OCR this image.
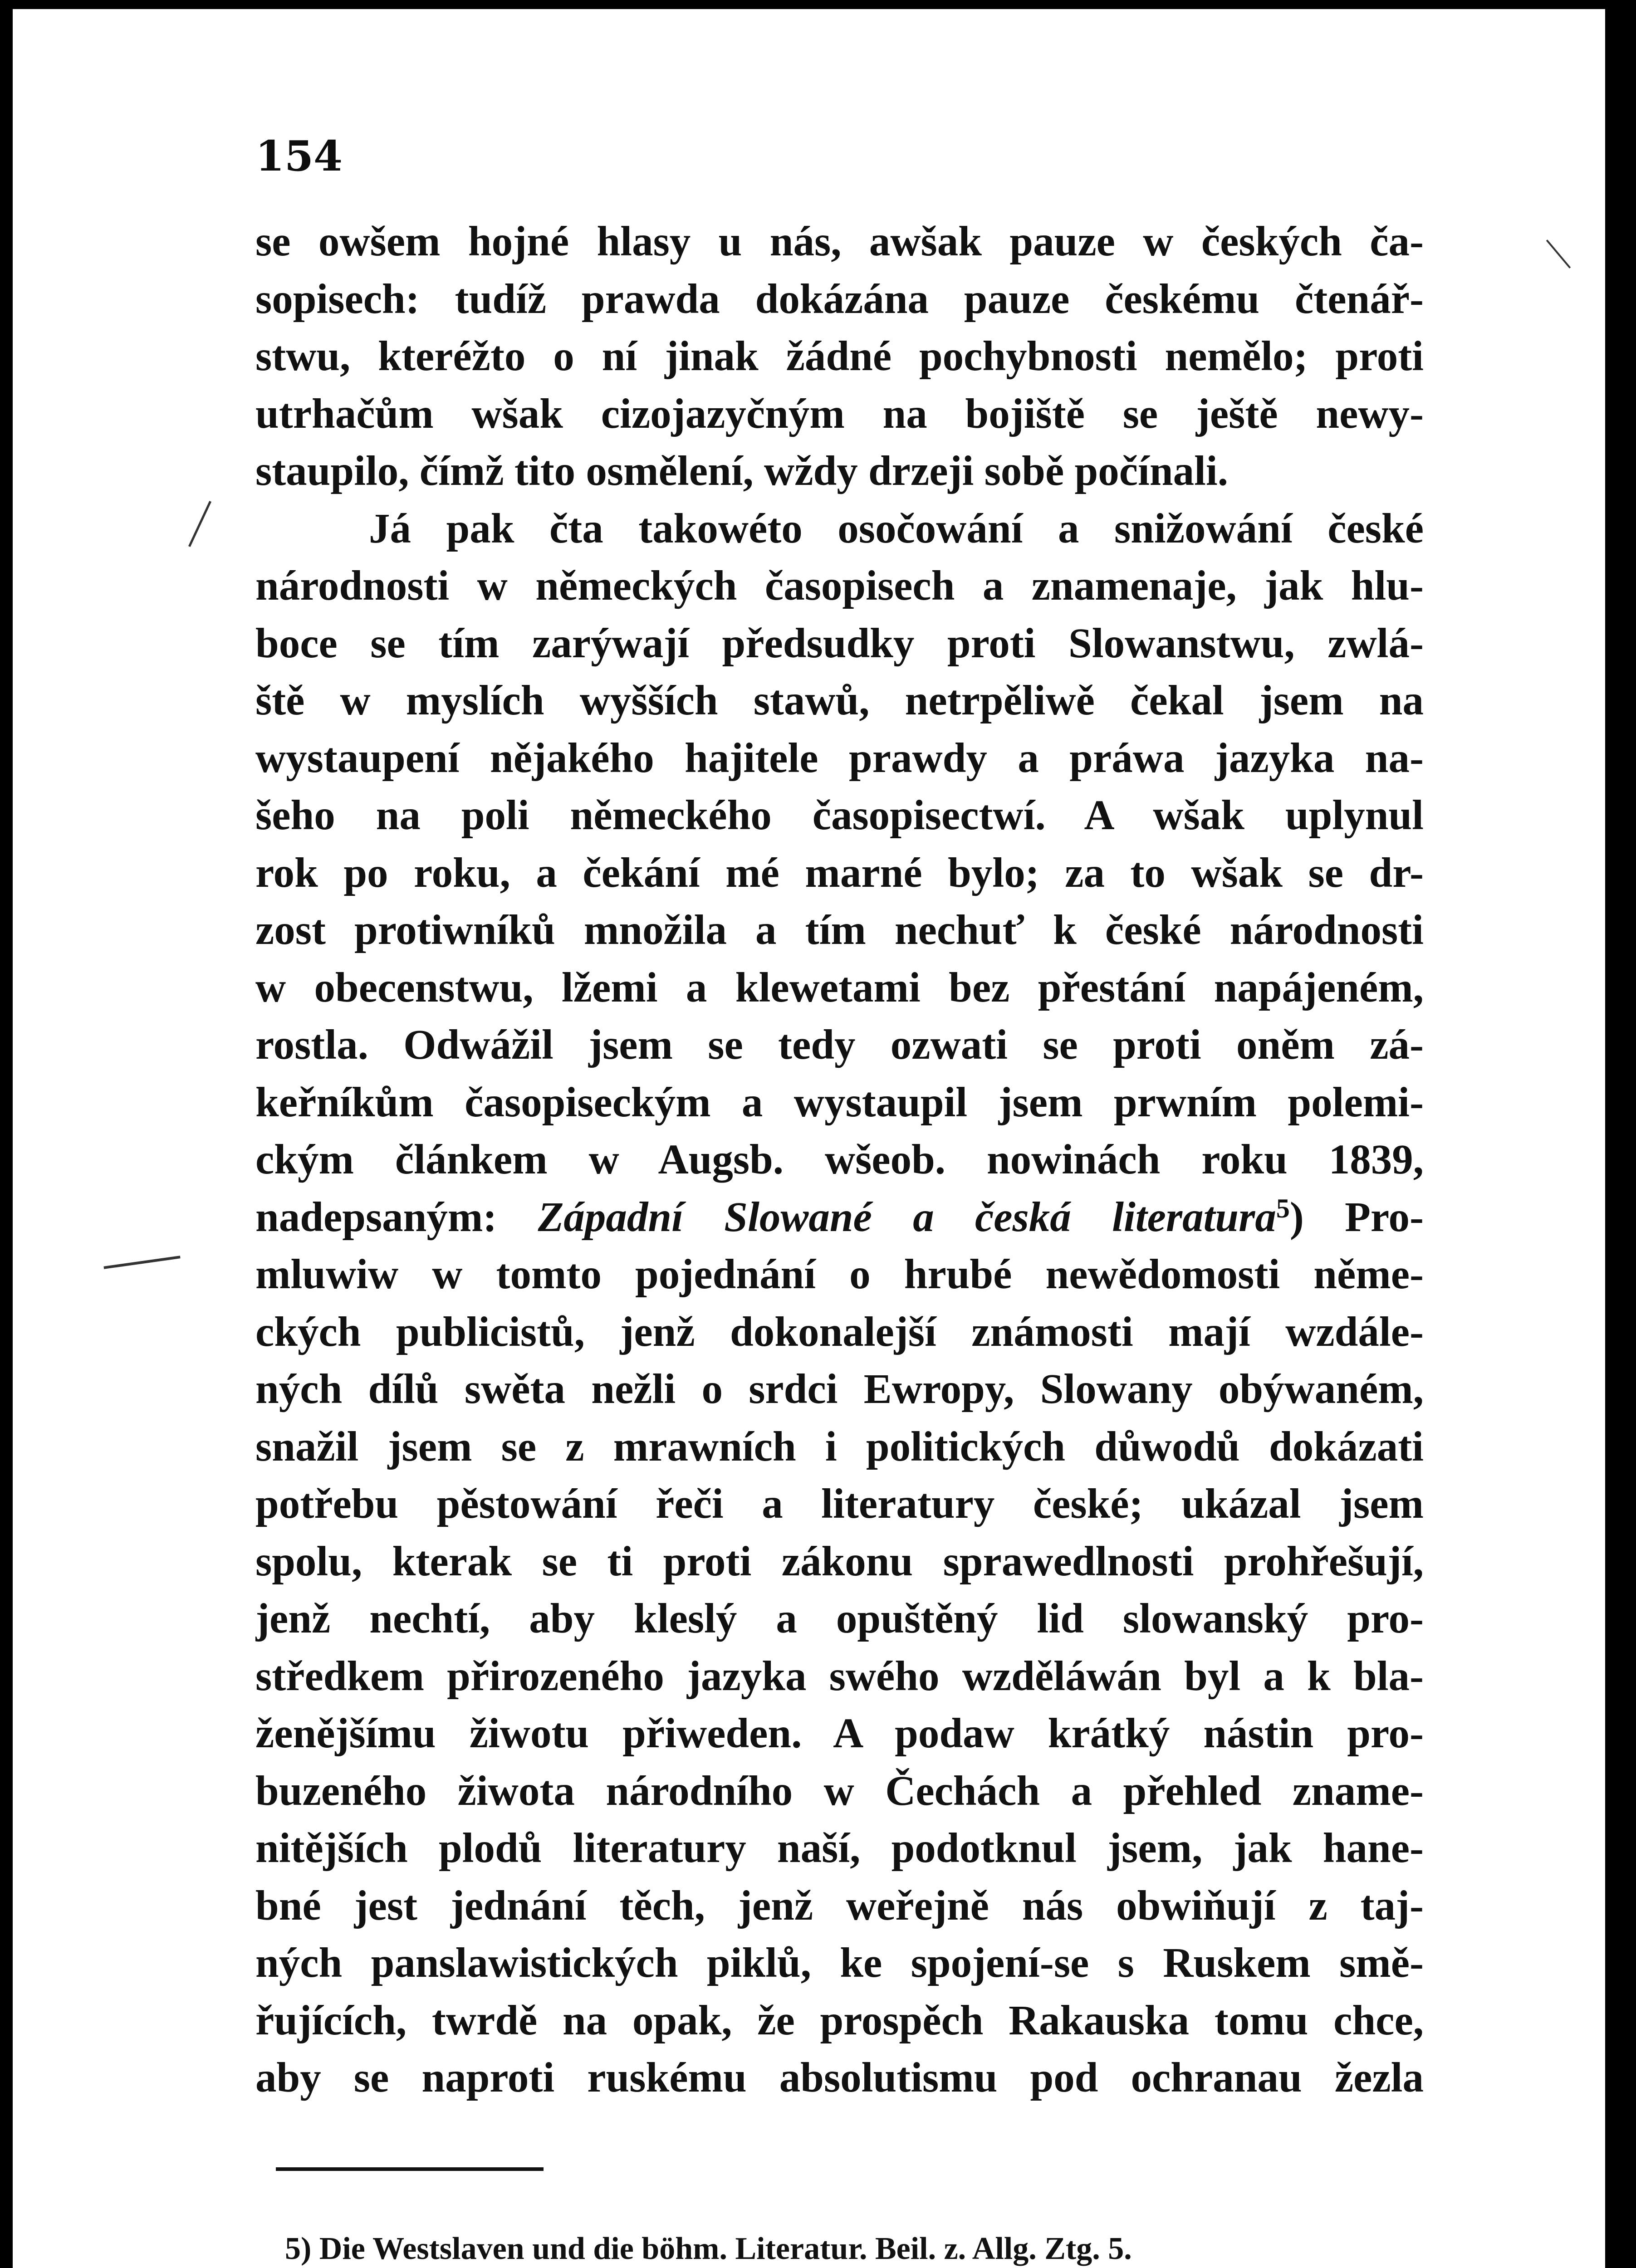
154
se owšem hojné hlasy u nás, awšak pauze w českých ča-
sopisech: tudíž prawda dokázána pauze českému čtenář-
stwu, kteréžto o ní jinak žádné pochybnosti nemělo; proti
utrhačům wšak cizojazyčným na bojiště se ještě newy-
staupilo, čímž tito osmělení, wždy drzeji sobě počínali.
Já pak čta takowéto osočowání a snižowání české
národnosti w německých časopisech a znamenaje, jak hlu-
boce se tím zarýwají předsudky proti Slowanstwu, zwlá-
ště w myslích wyšších stawů, netrpěliwě čekal jsem na
wystaupení nějakého hajitele prawdy a práwa jazyka na-
šeho na poli německého časopisectwí. A wšak uplynul
rok po roku, a čekání mé marné bylo; za to wšak se dr-
zost protiwníků množila a tím nechuť k české národnosti
w obecenstwu, lžemi a klewetami bez přestání napájeném,
rostla. Odwážil jsem se tedy ozwati se proti oněm zá-
keřníkům časopiseckým a wystaupil jsem prwním polemi-
ckým článkem w Augsb. wšeob. nowinách roku 1839,
nadepsaným: Západní Slowané a česká literatura$^5$) Pro-
mluwiw w tomto pojednání o hrubé newědomosti něme-
ckých publicistů, jenž dokonalejší známosti mají wzdále-
ných dílů swěta nežli o srdci Ewropy, Slowany obýwaném,
snažil jsem se z mrawních i politických důwodů dokázati
potřebu pěstowání řeči a literatury české; ukázal jsem
spolu, kterak se ti proti zákonu sprawedlnosti prohřešují,
jenž nechtí, aby kleslý a opuštěný lid slowanský pro-
středkem přirozeného jazyka swého wzděláwán byl a k bla-
ženějšímu žiwotu přiweden. A podaw krátký nástin pro-
buzeného žiwota národního w Čechách a přehled zname-
nitějších plodů literatury naší, podotknul jsem, jak hane-
bné jest jednání těch, jenž weřejně nás obwiňují z taj-
ných panslawistických piklů, ke spojení-se s Ruskem smě-
řujících, twrdě na opak, že prospěch Rakauska tomu chce,
aby se naproti ruskému absolutismu pod ochranau žezla
5) Die Westslaven und die böhm. Literatur. Beil. z. Allg. Ztg. 5.
